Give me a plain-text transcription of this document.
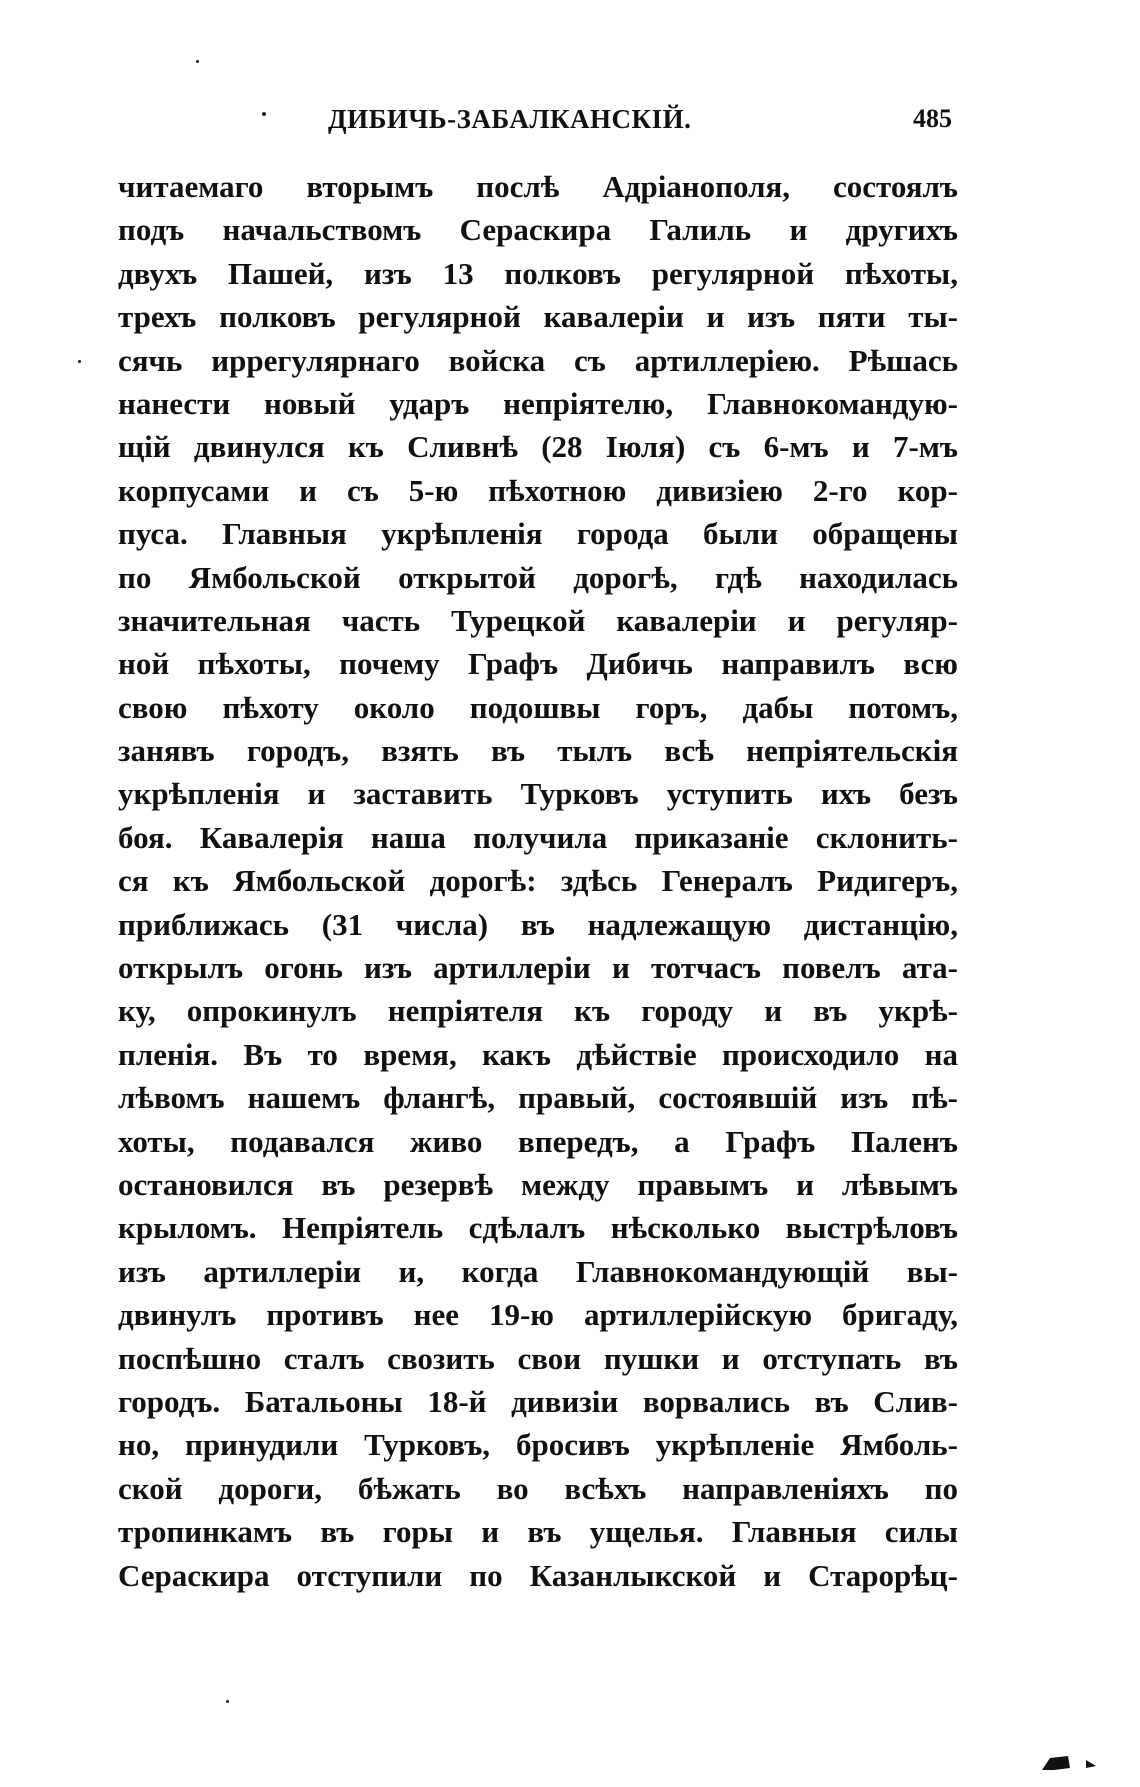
ДИБИЧЬ-ЗАБАЛКАНСКІЙ.	485
читаемаго вторымъ послѣ Адріанополя, состоялъ
подъ начальствомъ Сераскира Галиль и другихъ
двухъ Пашей, изъ 13 полковъ регулярной пѣхоты,
трехъ полковъ регулярной кавалеріи и изъ пяти ты-
сячь иррегулярнаго войска съ артиллеріею. Рѣшась
нанести новый ударъ непріятелю, Главнокомандую-
щій двинулся къ Сливнѣ (28 Іюля) съ 6-мъ и 7-мъ
корпусами и съ 5-ю пѣхотною дивизіею 2-го кор-
пуса. Главныя укрѣпленія города были обращены
по Ямбольской открытой дорогѣ, гдѣ находилась
значительная часть Турецкой кавалеріи и регуляр-
ной пѣхоты, почему Графъ Дибичь направилъ всю
свою пѣхоту около подошвы горъ, дабы потомъ,
занявъ городъ, взять въ тылъ всѣ непріятельскія
укрѣпленія и заставить Турковъ уступить ихъ безъ
боя. Кавалерія наша получила приказаніе склонить-
ся къ Ямбольской дорогѣ: здѣсь Генералъ Ридигеръ,
приближась (31 числа) въ надлежащую дистанцію,
открылъ огонь изъ артиллеріи и тотчасъ повелъ ата-
ку, опрокинулъ непріятеля къ городу и въ укрѣ-
пленія. Въ то время, какъ дѣйствіе происходило на
лѣвомъ нашемъ флангѣ, правый, состоявшій изъ пѣ-
хоты, подавался живо впередъ, а Графъ Паленъ
остановился въ резервѣ между правымъ и лѣвымъ
крыломъ. Непріятель сдѣлалъ нѣсколько выстрѣловъ
изъ артиллеріи и, когда Главнокомандующій вы-
двинулъ противъ нее 19-ю артиллерійскую бригаду,
поспѣшно сталъ свозить свои пушки и отступать въ
городъ. Батальоны 18-й дивизіи ворвались въ Слив-
но, принудили Турковъ, бросивъ укрѣпленіе Ямболь-
ской дороги, бѣжать во всѣхъ направленіяхъ по
тропинкамъ въ горы и въ ущелья. Главныя силы
Сераскира отступили по Казанлыкской и Старорѣц-
